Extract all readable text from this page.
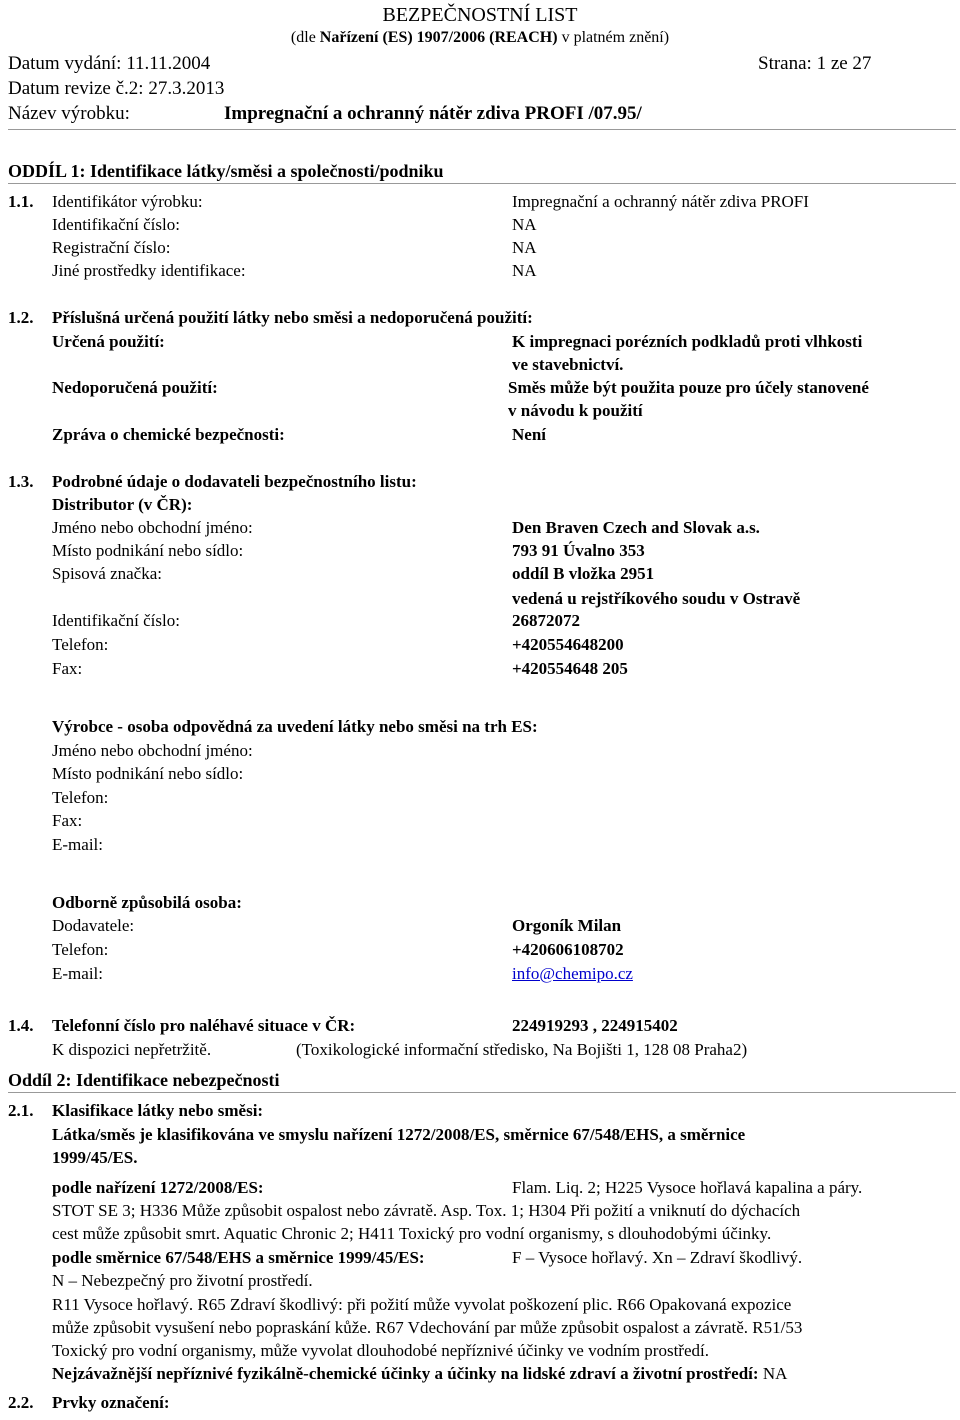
BEZPEČNOSTNÍ LIST
(dle Nařízení (ES) 1907/2006 (REACH) v platném znění)
Datum vydání: 11.11.2004	Strana: 1 ze 27
Datum revize č.2: 27.3.2013
Název výrobku:	Impregnační a ochranný nátěr zdiva PROFI /07.95/
ODDÍL 1: Identifikace látky/směsi a společnosti/podniku
1.1. Identifikátor výrobku:	Impregnační a ochranný nátěr zdiva PROFI
Identifikační číslo:	NA
Registrační číslo:	NA
Jiné prostředky identifikace:	NA
1.2. Příslušná určená použití látky nebo směsi a nedoporučená použití:
Určená použití:	K impregnaci porézních podkladů proti vlhkosti
ve stavebnictví.
Nedoporučená použití:	Směs může být použita pouze pro účely stanovené
v návodu k použití
Zpráva o chemické bezpečnosti:	Není
1.3. Podrobné údaje o dodavateli bezpečnostního listu:
Distributor (v ČR):
Jméno nebo obchodní jméno:	Den Braven Czech and Slovak a.s.
Místo podnikání nebo sídlo:	793 91 Úvalno 353
Spisová značka:	oddíl B vložka 2951
vedená u rejstříkového soudu v Ostravě
Identifikační číslo:	26872072
Telefon:	+420554648200
Fax:	+420554648 205
Výrobce - osoba odpovědná za uvedení látky nebo směsi na trh ES:
Jméno nebo obchodní jméno:
Místo podnikání nebo sídlo:
Telefon:
Fax:
E-mail:
Odborně způsobilá osoba:
Dodavatele:	Orgoník Milan
Telefon:	+420606108702
E-mail:	info@chemipo.cz
1.4. Telefonní číslo pro naléhavé situace v ČR:	224919293 , 224915402
K dispozici nepřetržitě.	(Toxikologické informační středisko, Na Bojišti 1, 128 08 Praha2)
Oddíl 2: Identifikace nebezpečnosti
2.1. Klasifikace látky nebo směsi:
Látka/směs je klasifikována ve smyslu nařízení 1272/2008/ES, směrnice 67/548/EHS, a směrnice
1999/45/ES.
podle nařízení 1272/2008/ES:	Flam. Liq. 2; H225 Vysoce hořlavá kapalina a páry.
STOT SE 3; H336 Může způsobit ospalost nebo závratě. Asp. Tox. 1; H304 Při požití a vniknutí do dýchacích
cest může způsobit smrt. Aquatic Chronic 2; H411 Toxický pro vodní organismy, s dlouhodobými účinky.
podle směrnice 67/548/EHS a směrnice 1999/45/ES:	F – Vysoce hořlavý. Xn – Zdraví škodlivý.
N – Nebezpečný pro životní prostředí.
R11 Vysoce hořlavý. R65 Zdraví škodlivý: při požití může vyvolat poškození plic. R66 Opakovaná expozice
může způsobit vysušení nebo popraskání kůže. R67 Vdechování par může způsobit ospalost a závratě. R51/53
Toxický pro vodní organismy, může vyvolat dlouhodobé nepříznivé účinky ve vodním prostředí.
Nejzávažnější nepříznivé fyzikálně-chemické účinky a účinky na lidské zdraví a životní prostředí: NA
2.2. Prvky označení:
